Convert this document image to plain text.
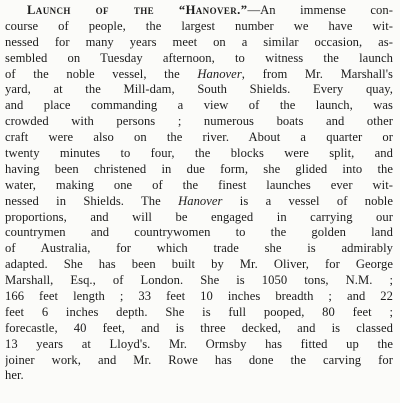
Launch of the “Hanover.”—An immense con-
course of people, the largest number we have wit-
nessed for many years meet on a similar occasion, as-
sembled on Tuesday afternoon, to witness the launch
of the noble vessel, the Hanover, from Mr. Marshall's
yard, at the Mill-dam, South Shields. Every quay,
and place commanding a view of the launch, was
crowded with persons ; numerous boats and other
craft were also on the river. About a quarter or
twenty minutes to four, the blocks were split, and
having been christened in due form, she glided into the
water, making one of the finest launches ever wit-
nessed in Shields. The Hanover is a vessel of noble
proportions, and will be engaged in carrying our
countrymen and countrywomen to the golden land
of Australia, for which trade she is admirably
adapted. She has been built by Mr. Oliver, for George
Marshall, Esq., of London. She is 1050 tons, N.M. ;
166 feet length ; 33 feet 10 inches breadth ; and 22
feet 6 inches depth. She is full pooped, 80 feet ;
forecastle, 40 feet, and is three decked, and is classed
13 years at Lloyd's. Mr. Ormsby has fitted up the
joiner work, and Mr. Rowe has done the carving for
her.
